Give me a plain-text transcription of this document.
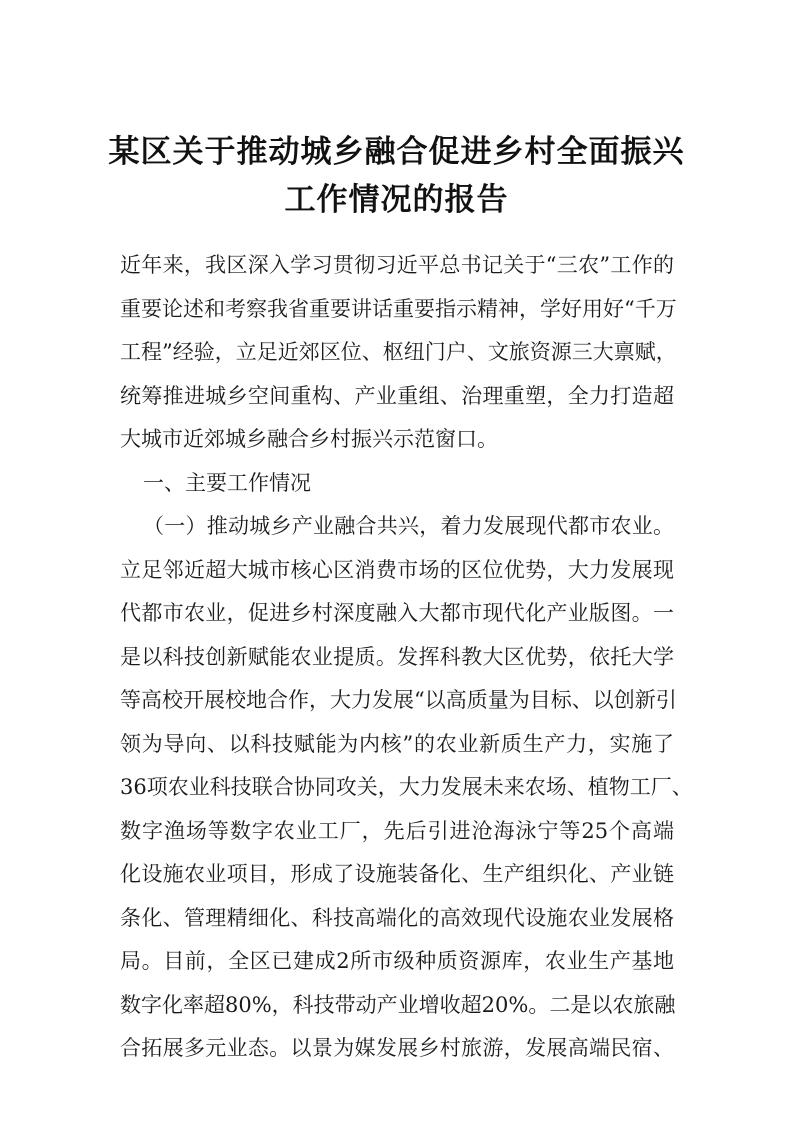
某区关于推动城乡融合促进乡村全面振兴
工作情况的报告
近年来，我区深入学习贯彻习近平总书记关于“三农”工作的
重要论述和考察我省重要讲话重要指示精神，学好用好“千万
工程”经验，立足近郊区位、枢纽门户、文旅资源三大禀赋，
统筹推进城乡空间重构、产业重组、治理重塑，全力打造超
大城市近郊城乡融合乡村振兴示范窗口。
一、主要工作情况
（一）推动城乡产业融合共兴，着力发展现代都市农业。
立足邻近超大城市核心区消费市场的区位优势，大力发展现
代都市农业，促进乡村深度融入大都市现代化产业版图。一
是以科技创新赋能农业提质。发挥科教大区优势，依托大学
等高校开展校地合作，大力发展“以高质量为目标、以创新引
领为导向、以科技赋能为内核”的农业新质生产力，实施了
36项农业科技联合协同攻关，大力发展未来农场、植物工厂、
数字渔场等数字农业工厂，先后引进沧海泳宁等25个高端
化设施农业项目，形成了设施装备化、生产组织化、产业链
条化、管理精细化、科技高端化的高效现代设施农业发展格
局。目前，全区已建成2所市级种质资源库，农业生产基地
数字化率超80%，科技带动产业增收超20%。二是以农旅融
合拓展多元业态。以景为媒发展乡村旅游，发展高端民宿、
